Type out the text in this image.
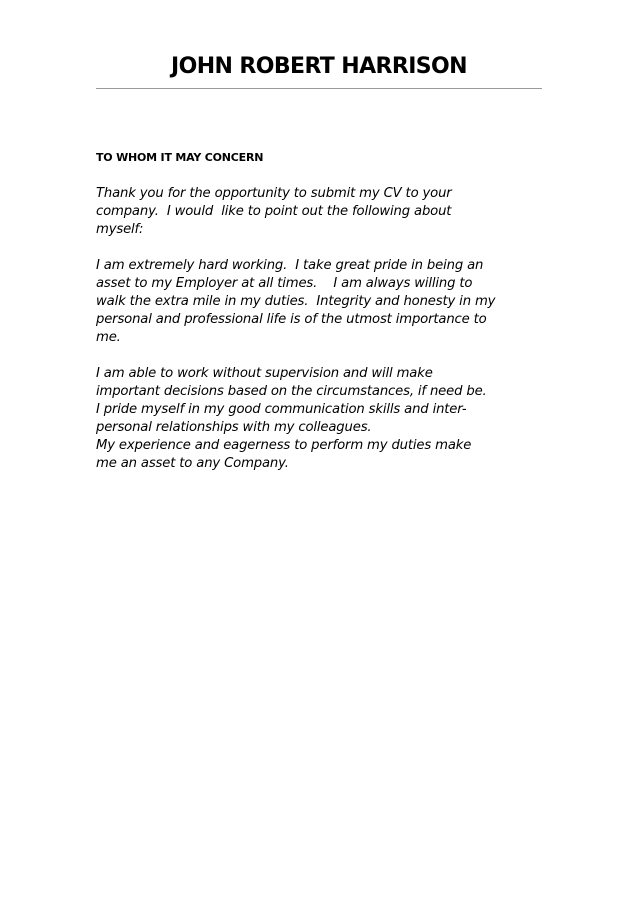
JOHN ROBERT HARRISON

TO WHOM IT MAY CONCERN

Thank you for the opportunity to submit my CV to your
company.  I would  like to point out the following about
myself:

I am extremely hard working.  I take great pride in being an
asset to my Employer at all times.    I am always willing to
walk the extra mile in my duties.  Integrity and honesty in my
personal and professional life is of the utmost importance to
me.

I am able to work without supervision and will make
important decisions based on the circumstances, if need be.
I pride myself in my good communication skills and inter-
personal relationships with my colleagues.
My experience and eagerness to perform my duties make
me an asset to any Company.
